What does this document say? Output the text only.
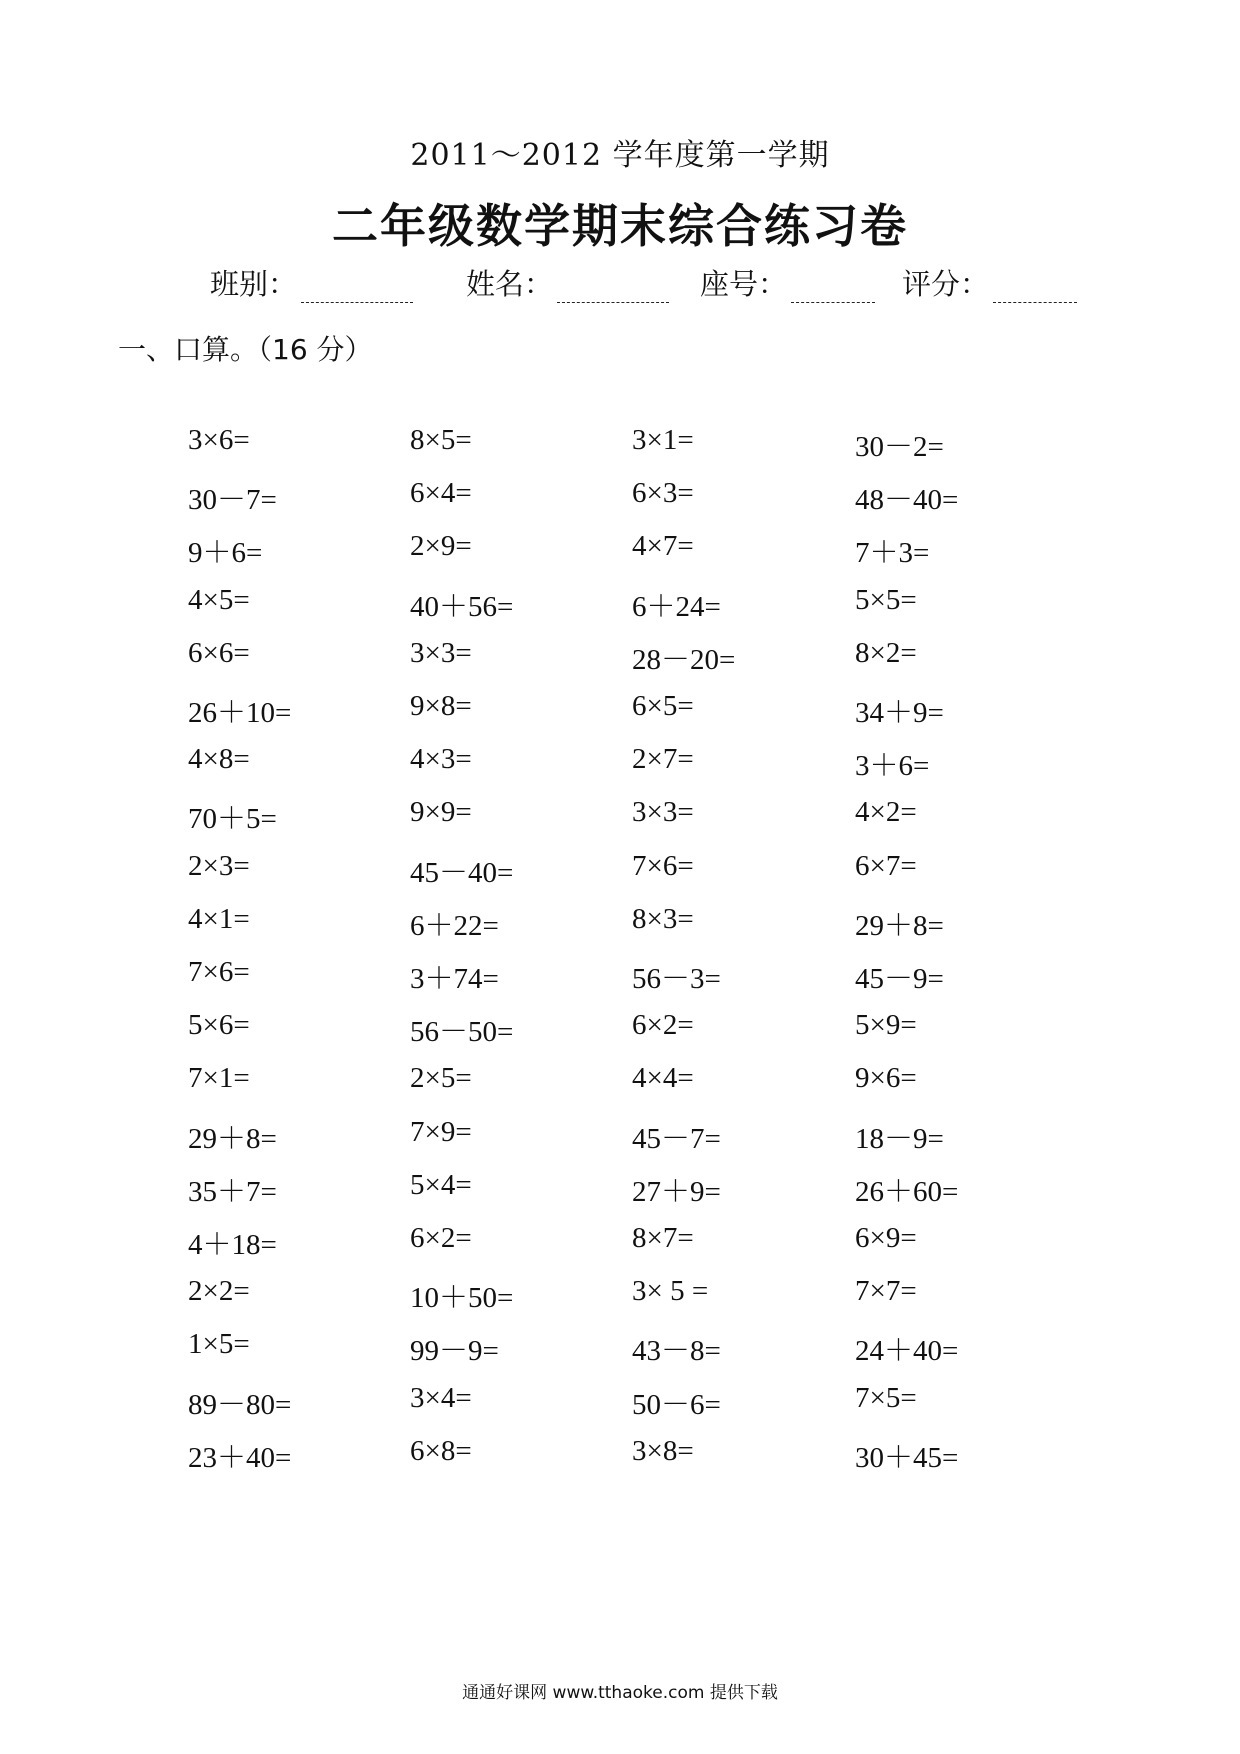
2011～2012 学年度第一学期
二年级数学期末综合练习卷
班别：	姓名：	座号：	评分：
一、口算。（16 分）
3×6=	8×5=	3×1=	30－2=
30－7=	6×4=	6×3=	48－40=
9＋6=	2×9=	4×7=	7＋3=
4×5=	40＋56=	6＋24=	5×5=
6×6=	3×3=	28－20=	8×2=
26＋10=	9×8=	6×5=	34＋9=
4×8=	4×3=	2×7=	3＋6=
70＋5=	9×9=	3×3=	4×2=
2×3=	45－40=	7×6=	6×7=
4×1=	6＋22=	8×3=	29＋8=
7×6=	3＋74=	56－3=	45－9=
5×6=	56－50=	6×2=	5×9=
7×1=	2×5=	4×4=	9×6=
29＋8=	7×9=	45－7=	18－9=
35＋7=	5×4=	27＋9=	26＋60=
4＋18=	6×2=	8×7=	6×9=
2×2=	10＋50=	3× 5 =	7×7=
1×5=	99－9=	43－8=	24＋40=
89－80=	3×4=	50－6=	7×5=
23＋40=	6×8=	3×8=	30＋45=
通通好课网 www.tthaoke.com 提供下载
